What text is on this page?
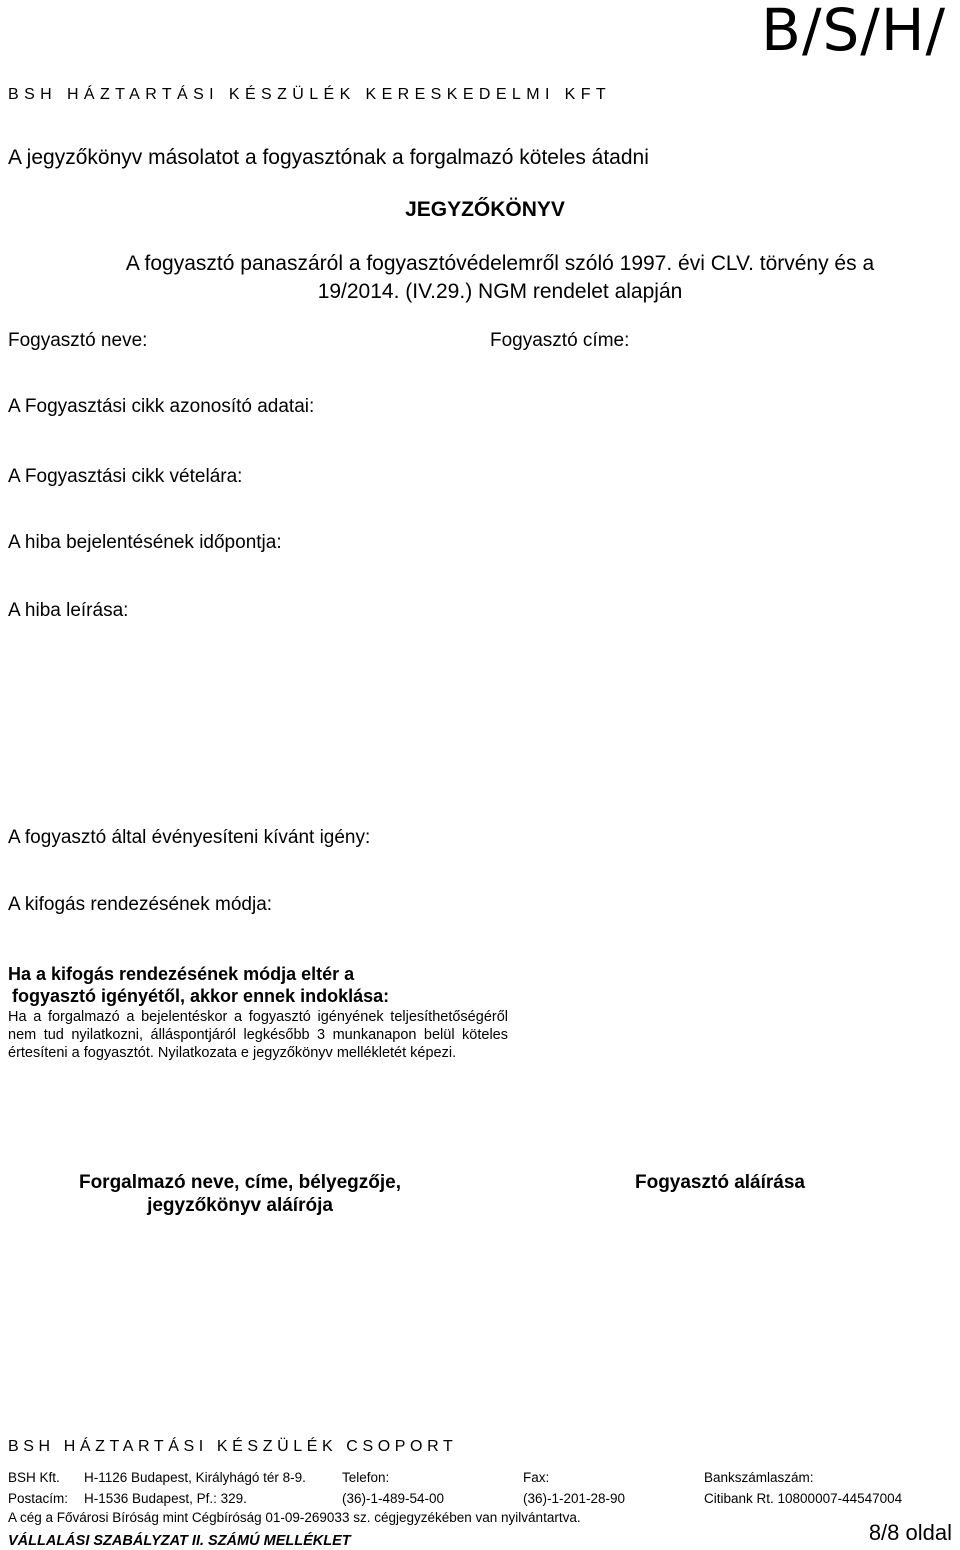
B/S/H/
BSH HÁZTARTÁSI KÉSZÜLÉK KERESKEDELMI KFT
A jegyzőkönyv másolatot a fogyasztónak a forgalmazó köteles átadni
JEGYZŐKÖNYV
A fogyasztó panaszáról a fogyasztóvédelemről szóló 1997. évi CLV. törvény és a
19/2014. (IV.29.) NGM rendelet alapján
Fogyasztó neve:	Fogyasztó címe:
A Fogyasztási cikk azonosító adatai:
A Fogyasztási cikk vételára:
A hiba bejelentésének időpontja:
A hiba leírása:
A fogyasztó által évényesíteni kívánt igény:
A kifogás rendezésének módja:
Ha a kifogás rendezésének módja eltér a
fogyasztó igényétől, akkor ennek indoklása:
Ha a forgalmazó a bejelentéskor a fogyasztó igényének teljesíthetőségéről nem tud nyilatkozni, álláspontjáról legkésőbb 3 munkanapon belül köteles értesíteni a fogyasztót. Nyilatkozata e jegyzőkönyv mellékletét képezi.
Forgalmazó neve, címe, bélyegzője, jegyzőkönyv aláírója
Fogyasztó aláírása
BSH HÁZTARTÁSI KÉSZÜLÉK CSOPORT
BSH Kft. H-1126 Budapest, Királyhágó tér 8-9.	Telefon:	Fax:	Bankszámlaszám:
Postacím: H-1536 Budapest, Pf.: 329.	(36)-1-489-54-00	(36)-1-201-28-90	Citibank Rt. 10800007-44547004
A cég a Fővárosi Bíróság mint Cégbíróság 01-09-269033 sz. cégjegyzékében van nyilvántartva.
VÁLLALÁSI SZABÁLYZAT II. SZÁMÚ MELLÉKLET	8/8 oldal
